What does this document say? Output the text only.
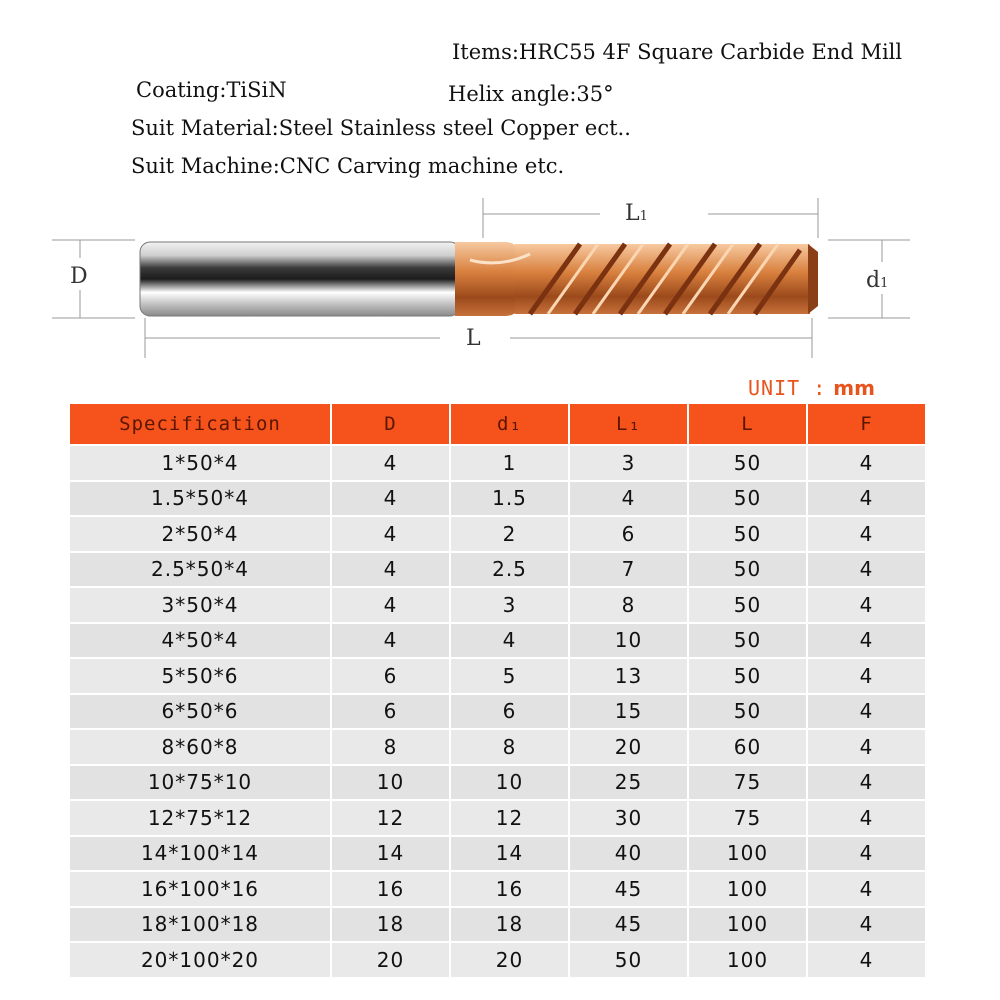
Items:HRC55 4F Square Carbide End Mill
Coating:TiSiN	Helix angle:35°
Suit Material:Steel Stainless steel Copper ect..
Suit Machine:CNC Carving machine etc.
L1
D	d1
L
UNIT : mm
Specification	D	d₁	L₁	L	F
1*50*4	4	1	3	50	4
1.5*50*4	4	1.5	4	50	4
2*50*4	4	2	6	50	4
2.5*50*4	4	2.5	7	50	4
3*50*4	4	3	8	50	4
4*50*4	4	4	10	50	4
5*50*6	6	5	13	50	4
6*50*6	6	6	15	50	4
8*60*8	8	8	20	60	4
10*75*10	10	10	25	75	4
12*75*12	12	12	30	75	4
14*100*14	14	14	40	100	4
16*100*16	16	16	45	100	4
18*100*18	18	18	45	100	4
20*100*20	20	20	50	100	4
